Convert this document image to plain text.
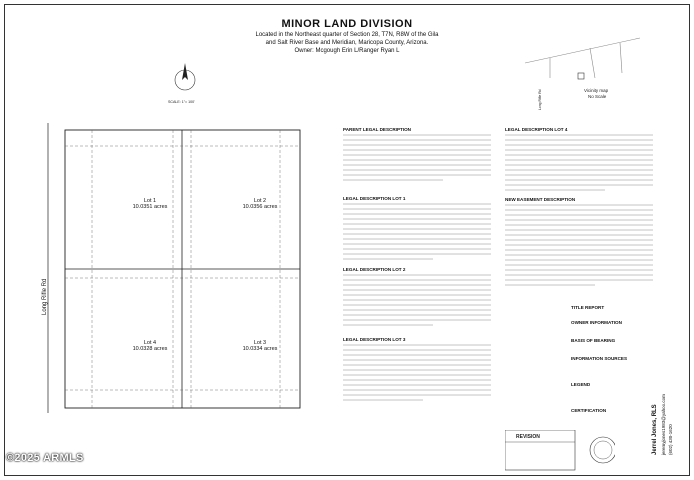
MINOR LAND DIVISION
Located in the Northeast quarter of Section 28, T7N, R8W of the Gila
and Salt River Base and Meridian, Maricopa County, Arizona.
Owner: Mcgough Erin L/Ranger Ryan L
Vicinity map
No Scale
Long Rifle Rd
SCALE: 1"= 100'
Long Rifle Rd
Lot 1
10.0351 acres
Lot 2
10.0356 acres
Lot 4
10.0328 acres
Lot 3
10.0334 acres
PARENT LEGAL DESCRIPTION
LEGAL DESCRIPTION LOT 1
LEGAL DESCRIPTION LOT 2
LEGAL DESCRIPTION LOT 3
LEGAL DESCRIPTION LOT 4
NEW EASEMENT DESCRIPTION
TITLE REPORT
OWNER INFORMATION
BASIS OF BEARING
INFORMATION SOURCES
LEGEND
CERTIFICATION
REVISION	Jerrel Jones, RLS jeremyjones1983@yahoo.com (602) 430-1620
©2025 ARMLS
